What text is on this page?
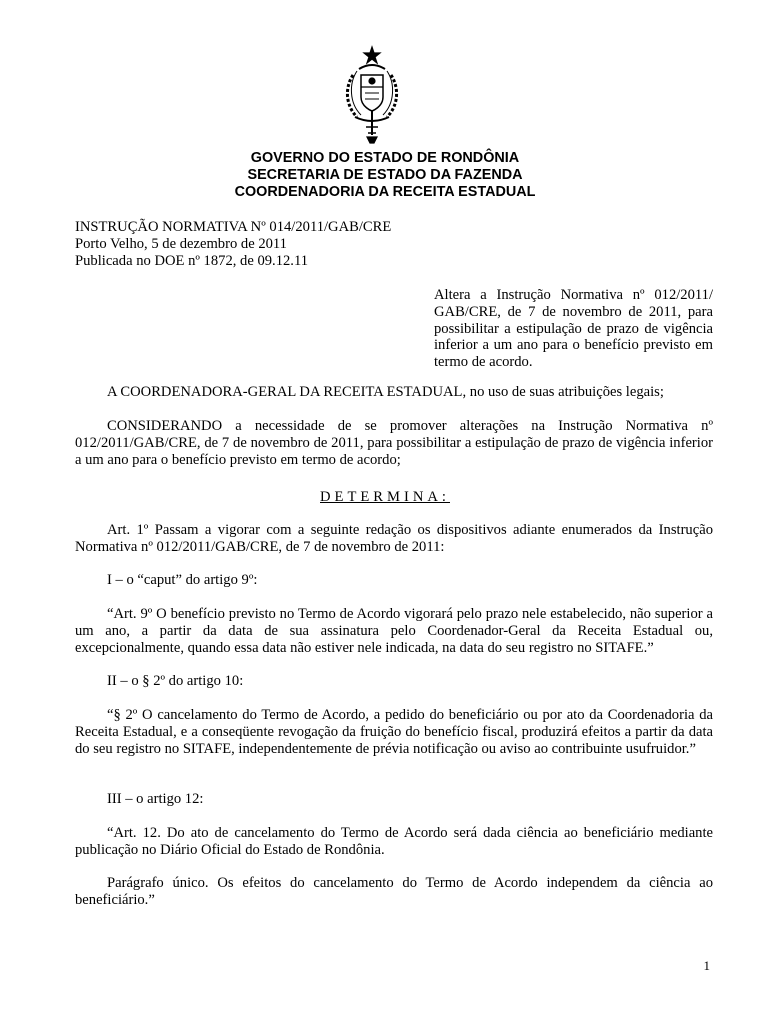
GOVERNO DO ESTADO DE RONDÔNIA
SECRETARIA DE ESTADO DA FAZENDA
COORDENADORIA DA RECEITA ESTADUAL
INSTRUÇÃO NORMATIVA Nº 014/2011/GAB/CRE
Porto Velho, 5 de dezembro de 2011
Publicada no DOE nº 1872, de 09.12.11
Altera a Instrução Normativa nº 012/2011/ GAB/CRE, de 7 de novembro de 2011, para possibilitar a estipulação de prazo de vigência inferior a um ano para o benefício previsto em termo de acordo.
A COORDENADORA-GERAL DA RECEITA ESTADUAL, no uso de suas atribuições legais;
CONSIDERANDO a necessidade de se promover alterações na Instrução Normativa nº 012/2011/GAB/CRE, de 7 de novembro de 2011, para possibilitar a estipulação de prazo de vigência inferior a um ano para o benefício previsto em termo de acordo;
DETERMINA:
Art. 1º Passam a vigorar com a seguinte redação os dispositivos adiante enumerados da Instrução Normativa nº 012/2011/GAB/CRE, de 7 de novembro de 2011:
I – o “caput” do artigo 9º:
“Art. 9º O benefício previsto no Termo de Acordo vigorará pelo prazo nele estabelecido, não superior a um ano, a partir da data de sua assinatura pelo Coordenador-Geral da Receita Estadual ou, excepcionalmente, quando essa data não estiver nele indicada, na data do seu registro no SITAFE.”
II – o § 2º do artigo 10:
“§ 2º O cancelamento do Termo de Acordo, a pedido do beneficiário ou por ato da Coordenadoria da Receita Estadual, e a conseqüente revogação da fruição do benefício fiscal, produzirá efeitos a partir da data do seu registro no SITAFE, independentemente de prévia notificação ou aviso ao contribuinte usufruidor.”
III – o artigo 12:
“Art. 12. Do ato de cancelamento do Termo de Acordo será dada ciência ao beneficiário mediante publicação no Diário Oficial do Estado de Rondônia.
Parágrafo único. Os efeitos do cancelamento do Termo de Acordo independem da ciência ao beneficiário.”
1
